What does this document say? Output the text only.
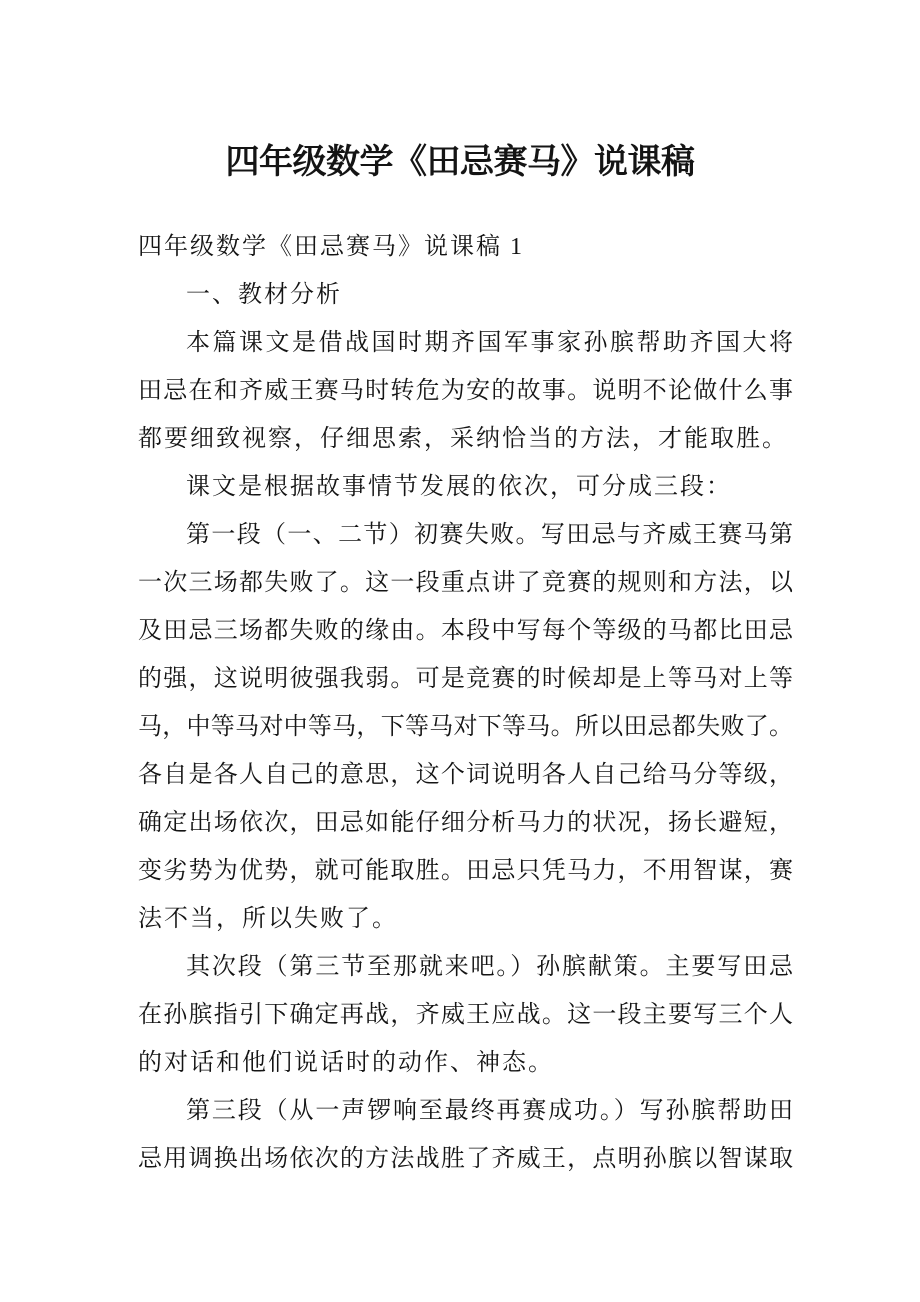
四年级数学《田忌赛马》说课稿
四年级数学《田忌赛马》说课稿 1
一、教材分析
本篇课文是借战国时期齐国军事家孙膑帮助齐国大将
田忌在和齐威王赛马时转危为安的故事。说明不论做什么事
都要细致视察，仔细思索，采纳恰当的方法，才能取胜。
课文是根据故事情节发展的依次，可分成三段：
第一段（一、二节）初赛失败。写田忌与齐威王赛马第
一次三场都失败了。这一段重点讲了竞赛的规则和方法，以
及田忌三场都失败的缘由。本段中写每个等级的马都比田忌
的强，这说明彼强我弱。可是竞赛的时候却是上等马对上等
马，中等马对中等马，下等马对下等马。所以田忌都失败了。
各自是各人自己的意思，这个词说明各人自己给马分等级，
确定出场依次，田忌如能仔细分析马力的状况，扬长避短，
变劣势为优势，就可能取胜。田忌只凭马力，不用智谋，赛
法不当，所以失败了。
其次段（第三节至那就来吧。）孙膑献策。主要写田忌
在孙膑指引下确定再战，齐威王应战。这一段主要写三个人
的对话和他们说话时的动作、神态。
第三段（从一声锣响至最终再赛成功。）写孙膑帮助田
忌用调换出场依次的方法战胜了齐威王，点明孙膑以智谋取
